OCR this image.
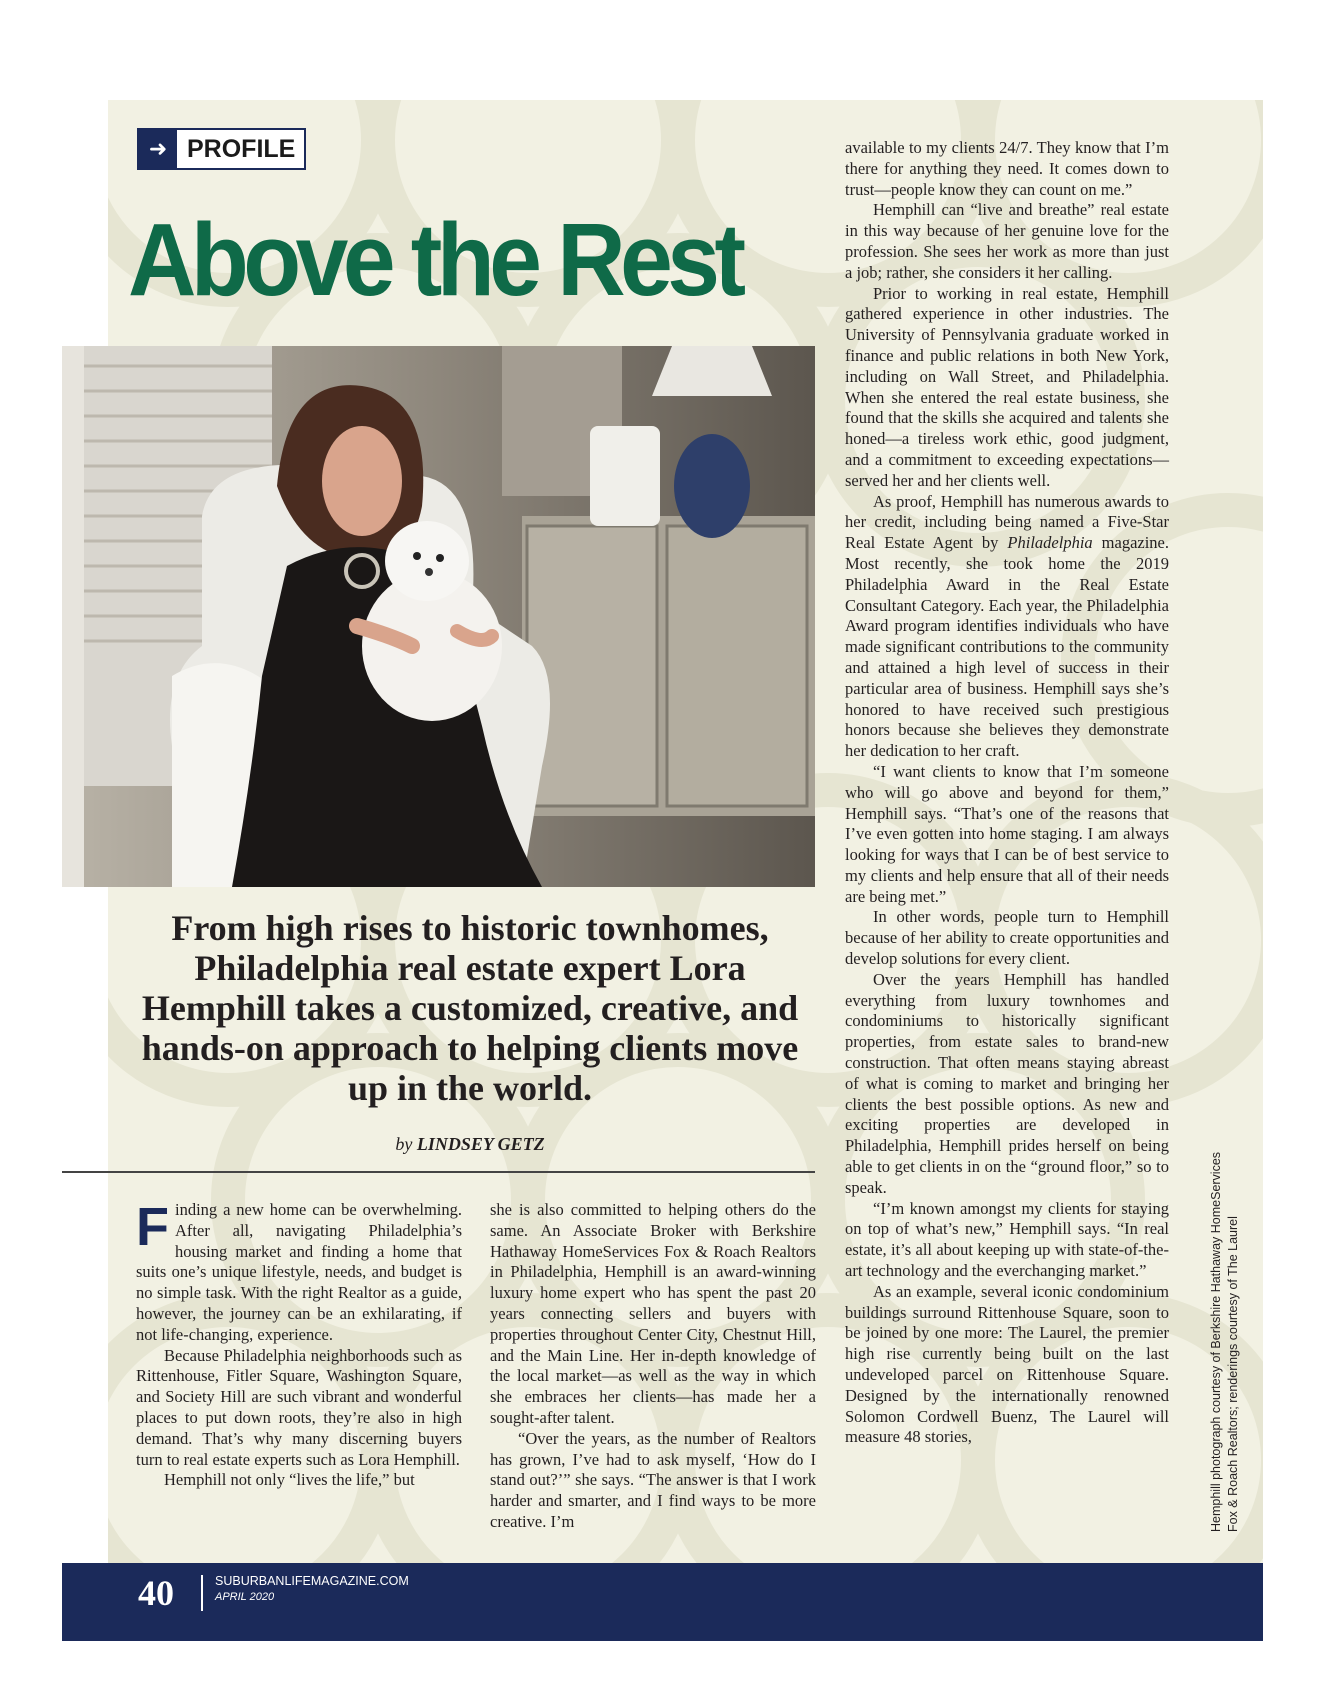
➜ PROFILE
Above the Rest

From high rises to historic townhomes, Philadelphia real estate expert Lora Hemphill takes a customized, creative, and hands-on approach to helping clients move up in the world.

by LINDSEY GETZ

Finding a new home can be overwhelming. After all, navigating Philadelphia’s housing market and finding a home that suits one’s unique lifestyle, needs, and budget is no simple task. With the right Realtor as a guide, however, the journey can be an exhilarating, if not life-changing, experience.

Because Philadelphia neighborhoods such as Rittenhouse, Fitler Square, Washington Square, and Society Hill are such vibrant and wonderful places to put down roots, they’re also in high demand. That’s why many discerning buyers turn to real estate experts such as Lora Hemphill.

Hemphill not only “lives the life,” but

she is also committed to helping others do the same. An Associate Broker with Berkshire Hathaway HomeServices Fox & Roach Realtors in Philadelphia, Hemphill is an award-winning luxury home expert who has spent the past 20 years connecting sellers and buyers with properties throughout Center City, Chestnut Hill, and the Main Line. Her in-depth knowledge of the local market—as well as the way in which she embraces her clients—has made her a sought-after talent.

“Over the years, as the number of Realtors has grown, I’ve had to ask myself, ‘How do I stand out?’” she says. “The answer is that I work harder and smarter, and I find ways to be more creative. I’m

available to my clients 24/7. They know that I’m there for anything they need. It comes down to trust—people know they can count on me.”

Hemphill can “live and breathe” real estate in this way because of her genuine love for the profession. She sees her work as more than just a job; rather, she considers it her calling.

Prior to working in real estate, Hemphill gathered experience in other industries. The University of Pennsylvania graduate worked in finance and public relations in both New York, including on Wall Street, and Philadelphia. When she entered the real estate business, she found that the skills she acquired and talents she honed—a tireless work ethic, good judgment, and a commitment to exceeding expectations—served her and her clients well.

As proof, Hemphill has numerous awards to her credit, including being named a Five-Star Real Estate Agent by Philadelphia magazine. Most recently, she took home the 2019 Philadelphia Award in the Real Estate Consultant Category. Each year, the Philadelphia Award program identifies individuals who have made significant contributions to the community and attained a high level of success in their particular area of business. Hemphill says she’s honored to have received such prestigious honors because she believes they demonstrate her dedication to her craft.

“I want clients to know that I’m someone who will go above and beyond for them,” Hemphill says. “That’s one of the reasons that I’ve even gotten into home staging. I am always looking for ways that I can be of best service to my clients and help ensure that all of their needs are being met.”

In other words, people turn to Hemphill because of her ability to create opportunities and develop solutions for every client.

Over the years Hemphill has handled everything from luxury townhomes and condominiums to historically significant properties, from estate sales to brand-new construction. That often means staying abreast of what is coming to market and bringing her clients the best possible options. As new and exciting properties are developed in Philadelphia, Hemphill prides herself on being able to get clients in on the “ground floor,” so to speak.

“I’m known amongst my clients for staying on top of what’s new,” Hemphill says. “In real estate, it’s all about keeping up with state-of-the-art technology and the everchanging market.”

As an example, several iconic condominium buildings surround Rittenhouse Square, soon to be joined by one more: The Laurel, the premier high rise currently being built on the last undeveloped parcel on Rittenhouse Square. Designed by the internationally renowned Solomon Cordwell Buenz, The Laurel will measure 48 stories,	Hemphill photograph courtesy of Berkshire Hathaway HomeServices Fox & Roach Realtors; renderings courtesy of The Laurel
40	SUBURBANLIFEMAGAZINE.COM
APRIL 2020
